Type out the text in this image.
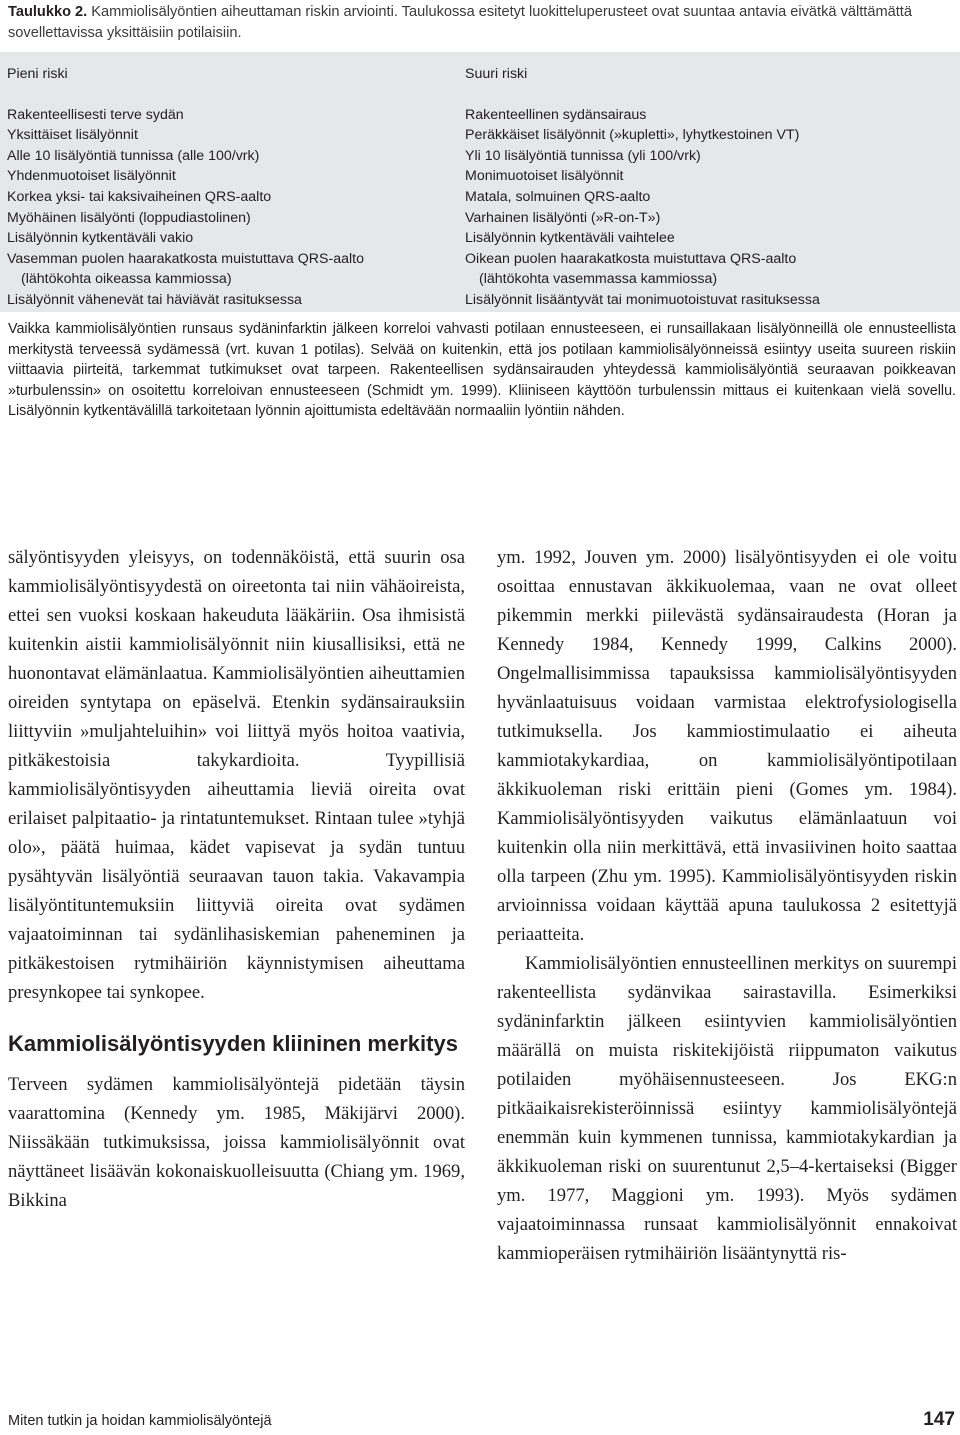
Taulukko 2. Kammiolisälyöntien aiheuttaman riskin arviointi. Taulukossa esitetyt luokitteluperusteet ovat suuntaa antavia eivätkä välttämättä sovellettavissa yksittäisiin potilaisiin.
Pieni riski
Rakenteellisesti terve sydän
Yksittäiset lisälyönnit
Alle 10 lisälyöntiä tunnissa (alle 100/vrk)
Yhdenmuotoiset lisälyönnit
Korkea yksi- tai kaksivaiheinen QRS-aalto
Myöhäinen lisälyönti (loppudiastolinen)
Lisälyönnin kytkentäväli vakio
Vasemman puolen haarakatkosta muistuttava QRS-aalto
(lähtökohta oikeassa kammiossa)
Lisälyönnit vähenevät tai häviävät rasituksessa
Suuri riski
Rakenteellinen sydänsairaus
Peräkkäiset lisälyönnit (»kupletti», lyhytkestoinen VT)
Yli 10 lisälyöntiä tunnissa (yli 100/vrk)
Monimuotoiset lisälyönnit
Matala, solmuinen QRS-aalto
Varhainen lisälyönti (»R-on-T»)
Lisälyönnin kytkentäväli vaihtelee
Oikean puolen haarakatkosta muistuttava QRS-aalto
(lähtökohta vasemmassa kammiossa)
Lisälyönnit lisääntyvät tai monimuotoistuvat rasituksessa
Vaikka kammiolisälyöntien runsaus sydäninfarktin jälkeen korreloi vahvasti potilaan ennusteeseen, ei runsaillakaan lisälyönneillä ole ennusteellista merkitystä terveessä sydämessä (vrt. kuvan 1 potilas). Selvää on kuitenkin, että jos potilaan kammiolisälyönneissä esiintyy useita suureen riskiin viittaavia piirteitä, tarkemmat tutkimukset ovat tarpeen. Rakenteellisen sydänsairauden yhteydessä kammiolisälyöntiä seuraavan poikkeavan »turbulenssin» on osoitettu korreloivan ennusteeseen (Schmidt ym. 1999). Kliiniseen käyttöön turbulenssin mittaus ei kuitenkaan vielä sovellu. Lisälyönnin kytkentävälillä tarkoitetaan lyönnin ajoittumista edeltävään normaaliin lyöntiin nähden.

sälyöntisyyden yleisyys, on todennäköistä, että suurin osa kammiolisälyöntisyydestä on oireetonta tai niin vähäoireista, ettei sen vuoksi koskaan hakeuduta lääkäriin. Osa ihmisistä kuitenkin aistii kammiolisälyönnit niin kiusallisiksi, että ne huonontavat elämänlaatua. Kammiolisälyöntien aiheuttamien oireiden syntytapa on epäselvä. Etenkin sydänsairauksiin liittyviin »muljahteluihin» voi liittyä myös hoitoa vaativia, pitkäkestoisia takykardioita. Tyypillisiä kammiolisälyöntisyyden aiheuttamia lieviä oireita ovat erilaiset palpitaatio- ja rintatuntemukset. Rintaan tulee »tyhjä olo», päätä huimaa, kädet vapisevat ja sydän tuntuu pysähtyvän lisälyöntiä seuraavan tauon takia. Vakavampia lisälyöntituntemuksiin liittyviä oireita ovat sydämen vajaatoiminnan tai sydänlihasiskemian paheneminen ja pitkäkestoisen rytmihäiriön käynnistymisen aiheuttama presynkopee tai synkopee.

Kammiolisälyöntisyyden kliininen merkitys

Terveen sydämen kammiolisälyöntejä pidetään täysin vaarattomina (Kennedy ym. 1985, Mäkijärvi 2000). Niissäkään tutkimuksissa, joissa kammiolisälyönnit ovat näyttäneet lisäävän kokonaiskuolleisuutta (Chiang ym. 1969, Bikkina

ym. 1992, Jouven ym. 2000) lisälyöntisyyden ei ole voitu osoittaa ennustavan äkkikuolemaa, vaan ne ovat olleet pikemmin merkki piilevästä sydänsairaudesta (Horan ja Kennedy 1984, Kennedy 1999, Calkins 2000). Ongelmallisimmissa tapauksissa kammiolisälyöntisyyden hyvänlaatuisuus voidaan varmistaa elektrofysiologisella tutkimuksella. Jos kammiostimulaatio ei aiheuta kammiotakykardiaa, on kammiolisälyöntipotilaan äkkikuoleman riski erittäin pieni (Gomes ym. 1984). Kammiolisälyöntisyyden vaikutus elämänlaatuun voi kuitenkin olla niin merkittävä, että invasiivinen hoito saattaa olla tarpeen (Zhu ym. 1995). Kammiolisälyöntisyyden riskin arvioinnissa voidaan käyttää apuna taulukossa 2 esitettyjä periaatteita.

Kammiolisälyöntien ennusteellinen merkitys on suurempi rakenteellista sydänvikaa sairastavilla. Esimerkiksi sydäninfarktin jälkeen esiintyvien kammiolisälyöntien määrällä on muista riskitekijöistä riippumaton vaikutus potilaiden myöhäisennusteeseen. Jos EKG:n pitkäaikaisrekisteröinnissä esiintyy kammiolisälyöntejä enemmän kuin kymmenen tunnissa, kammiotakykardian ja äkkikuoleman riski on suurentunut 2,5–4-kertaiseksi (Bigger ym. 1977, Maggioni ym. 1993). Myös sydämen vajaatoiminnassa runsaat kammiolisälyönnit ennakoivat kammioperäisen rytmihäiriön lisääntynyttä ris-

Miten tutkin ja hoidan kammiolisälyöntejä	147
